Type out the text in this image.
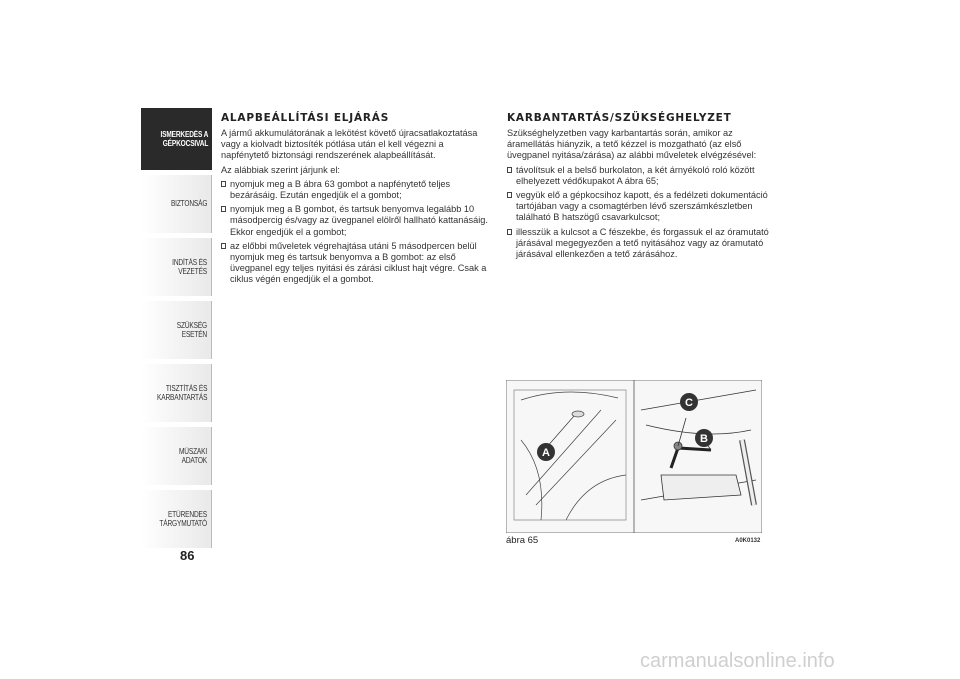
ISMERKEDÉS A
GÉPKOCSIVAL
BIZTONSÁG
INDÍTÁS ÉS VEZETÉS
SZÜKSÉG ESETÉN
TISZTÍTÁS ÉS
KARBANTARTÁS
MŰSZAKI ADATOK
ETŰRENDES
TÁRGYMUTATÓ
86
ALAPBEÁLLÍTÁSI ELJÁRÁS

A jármű akkumulátorának a lekötést követő újracsatlakoztatása vagy a kiolvadt biztosíték pótlása után el kell végezni a napfénytető biztonsági rendszerének alapbeállítását.

Az alábbiak szerint járjunk el:

nyomjuk meg a B ábra 63 gombot a napfénytető teljes bezárásáig. Ezután engedjük el a gombot;
nyomjuk meg a B gombot, és tartsuk benyomva legalább 10 másodpercig és/vagy az üvegpanel elölről hallható kattanásáig. Ekkor engedjük el a gombot;
az előbbi műveletek végrehajtása utáni 5 másodpercen belül nyomjuk meg és tartsuk benyomva a B gombot: az első üvegpanel egy teljes nyitási és zárási ciklust hajt végre. Csak a ciklus végén engedjük el a gombot.
KARBANTARTÁS/SZÜKSÉGHELYZET

Szükséghelyzetben vagy karbantartás során, amikor az áramellátás hiányzik, a tető kézzel is mozgatható (az első üvegpanel nyitása/zárása) az alábbi műveletek elvégzésével:

távolítsuk el a belső burkolaton, a két árnyékoló roló között elhelyezett védőkupakot A ábra 65;
vegyük elő a gépkocsihoz kapott, és a fedélzeti dokumentáció tartójában vagy a csomagtérben lévő szerszámkészletben található B hatszögű csavarkulcsot;
illesszük a kulcsot a C fészekbe, és forgassuk el az óramutató járásával megegyezően a tető nyitásához vagy az óramutató járásával ellenkezően a tető zárásához.
A
C
B
ábra 65	A0K0132
carmanualsonline.info
